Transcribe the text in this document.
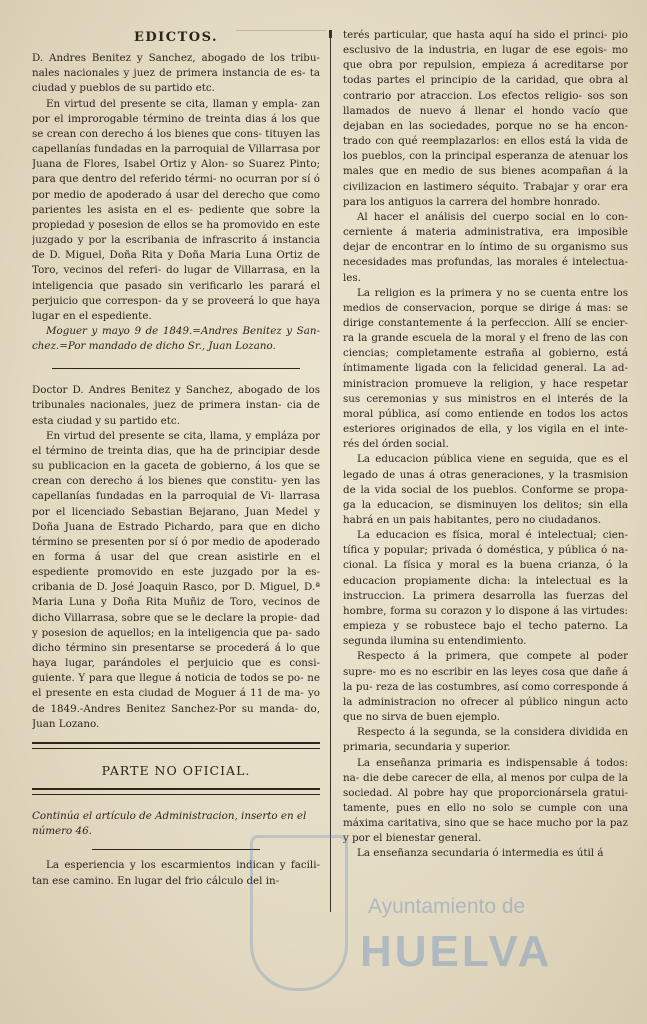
EDICTOS.

D. Andres Benitez y Sanchez, abogado de los tribu- nales nacionales y juez de primera instancia de es- ta ciudad y pueblos de su partido etc.

En virtud del presente se cita, llaman y empla- zan por el improrogable término de treinta dias á los que se crean con derecho á los bienes que cons- tituyen las capellanías fundadas en la parroquial de Villarrasa por Juana de Flores, Isabel Ortiz y Alon- so Suarez Pinto; para que dentro del referido térmi- no ocurran por sí ó por medio de apoderado á usar del derecho que como parientes les asista en el es- pediente que sobre la propiedad y posesion de ellos se ha promovido en este juzgado y por la escribania de infrascrito á instancia de D. Miguel, Doña Rita y Doña Maria Luna Ortiz de Toro, vecinos del referi- do lugar de Villarrasa, en la inteligencia que pasado sin verificarlo les parará el perjuicio que correspon- da y se proveerá lo que haya lugar en el espediente.

Moguer y mayo 9 de 1849.=Andres Benitez y San- chez.=Por mandado de dicho Sr., Juan Lozano.

Doctor D. Andres Benitez y Sanchez, abogado de los tribunales nacionales, juez de primera instan- cia de esta ciudad y su partido etc.

En virtud del presente se cita, llama, y empláza por el término de treinta dias, que ha de principiar desde su publicacion en la gaceta de gobierno, á los que se crean con derecho á los bienes que constitu- yen las capellanías fundadas en la parroquial de Vi- llarrasa por el licenciado Sebastian Bejarano, Juan Medel y Doña Juana de Estrado Pichardo, para que en dicho término se presenten por sí ó por medio de apoderado en forma á usar del que crean asistirle en el espediente promovido en este juzgado por la es- cribania de D. José Joaquin Rasco, por D. Miguel, D.ª Maria Luna y Doña Rita Muñiz de Toro, vecinos de dicho Villarrasa, sobre que se le declare la propie- dad y posesion de aquellos; en la inteligencia que pa- sado dicho término sin presentarse se procederá á lo que haya lugar, parándoles el perjuicio que es consi- guiente. Y para que llegue á noticia de todos se po- ne el presente en esta ciudad de Moguer á 11 de ma- yo de 1849.-Andres Benitez Sanchez-Por su manda- do, Juan Lozano.

PARTE NO OFICIAL.

Continúa el artículo de Administracion, inserto en el número 46.

La esperiencia y los escarmientos indican y facili- tan ese camino. En lugar del frio cálculo del in-

terés particular, que hasta aquí ha sido el princi- pio esclusivo de la industria, en lugar de ese egois- mo que obra por repulsion, empieza á acreditarse por todas partes el principio de la caridad, que obra al contrario por atraccion. Los efectos religio- sos son llamados de nuevo á llenar el hondo vacío que dejaban en las sociedades, porque no se ha encon- trado con qué reemplazarlos: en ellos está la vida de los pueblos, con la principal esperanza de atenuar los males que en medio de sus bienes acompañan á la civilizacion en lastimero séquito. Trabajar y orar era para los antiguos la carrera del hombre honrado.

Al hacer el análisis del cuerpo social en lo con- cerniente á materia administrativa, era imposible dejar de encontrar en lo íntimo de su organismo sus necesidades mas profundas, las morales é intelectua- les.

La religion es la primera y no se cuenta entre los medios de conservacion, porque se dirige á mas: se dirige constantemente á la perfeccion. Allí se encier- ra la grande escuela de la moral y el freno de las con ciencias; completamente estraña al gobierno, está íntimamente ligada con la felicidad general. La ad- ministracion promueve la religion, y hace respetar sus ceremonias y sus ministros en el interés de la moral pública, así como entiende en todos los actos esteriores originados de ella, y los vigila en el inte- rés del órden social.

La educacion pública viene en seguida, que es el legado de unas á otras generaciones, y la trasmision de la vida social de los pueblos. Conforme se propa- ga la educacion, se disminuyen los delitos; sin ella habrá en un pais habitantes, pero no ciudadanos.

La educacion es física, moral é intelectual; cien- tífica y popular; privada ó doméstica, y pública ó na- cional. La física y moral es la buena crianza, ó la educacion propiamente dicha: la intelectual es la instruccion. La primera desarrolla las fuerzas del hombre, forma su corazon y lo dispone á las virtudes: empieza y se robustece bajo el techo paterno. La segunda ilumina su entendimiento.

Respecto á la primera, que compete al poder supre- mo es no escribir en las leyes cosa que dañe á la pu- reza de las costumbres, así como corresponde á la administracion no ofrecer al público ningun acto que no sirva de buen ejemplo.

Respecto á la segunda, se la considera dividida en primaria, secundaria y superior.

La enseñanza primaria es indispensable á todos: na- die debe carecer de ella, al menos por culpa de la sociedad. Al pobre hay que proporcionársela gratui- tamente, pues en ello no solo se cumple con una máxima caritativa, sino que se hace mucho por la paz y por el bienestar general.

La enseñanza secundaria ó intermedia es útil á

Ayuntamiento de
HUELVA
